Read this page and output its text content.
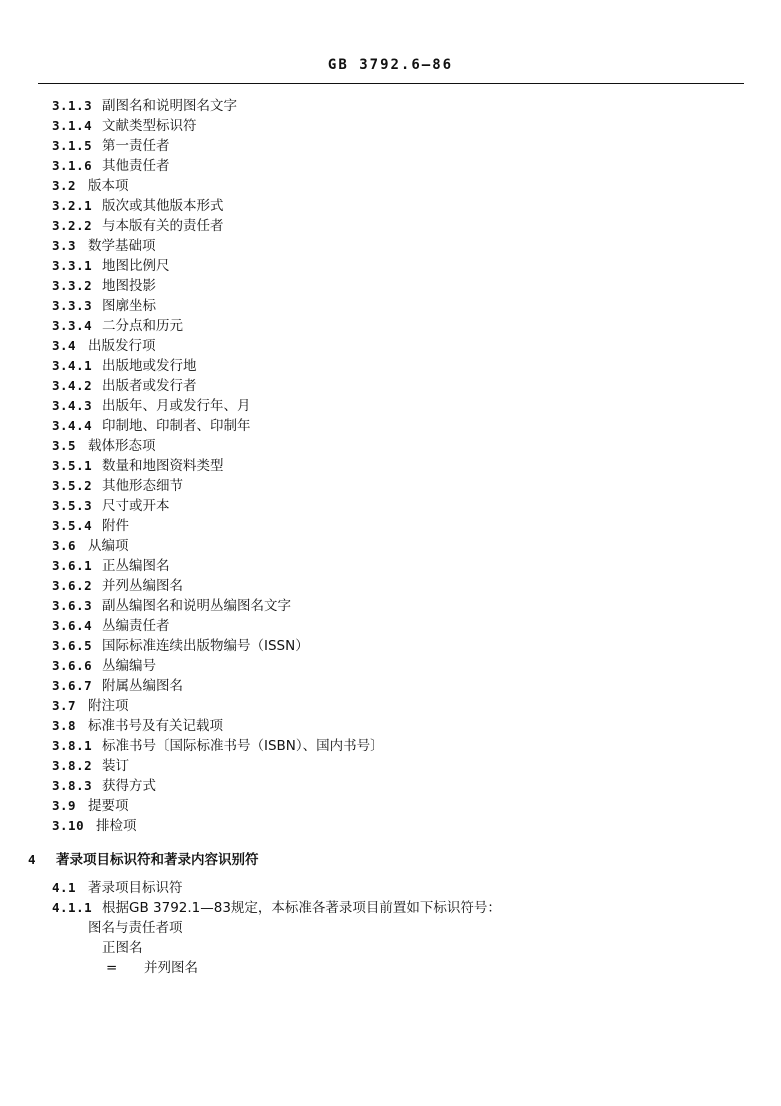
GB 3792.6—86
3.1.3 副图名和说明图名文字
3.1.4 文献类型标识符
3.1.5 第一责任者
3.1.6 其他责任者
3.2 版本项
3.2.1 版次或其他版本形式
3.2.2 与本版有关的责任者
3.3 数学基础项
3.3.1 地图比例尺
3.3.2 地图投影
3.3.3 图廓坐标
3.3.4 二分点和历元
3.4 出版发行项
3.4.1 出版地或发行地
3.4.2 出版者或发行者
3.4.3 出版年、月或发行年、月
3.4.4 印制地、印制者、印制年
3.5 载体形态项
3.5.1 数量和地图资料类型
3.5.2 其他形态细节
3.5.3 尺寸或开本
3.5.4 附件
3.6 从编项
3.6.1 正丛编图名
3.6.2 并列丛编图名
3.6.3 副丛编图名和说明丛编图名文字
3.6.4 丛编责任者
3.6.5 国际标准连续出版物编号（ISSN）
3.6.6 丛编编号
3.6.7 附属丛编图名
3.7 附注项
3.8 标准书号及有关记载项
3.8.1 标准书号〔国际标准书号（ISBN）、国内书号〕
3.8.2 装订
3.8.3 获得方式
3.9 提要项
3.10 排检项
4 著录项目标识符和著录内容识别符
4.1 著录项目标识符
4.1.1 根据GB 3792.1—83规定，本标准各著录项目前置如下标识符号：
图名与责任者项
正图名
= 并列图名
